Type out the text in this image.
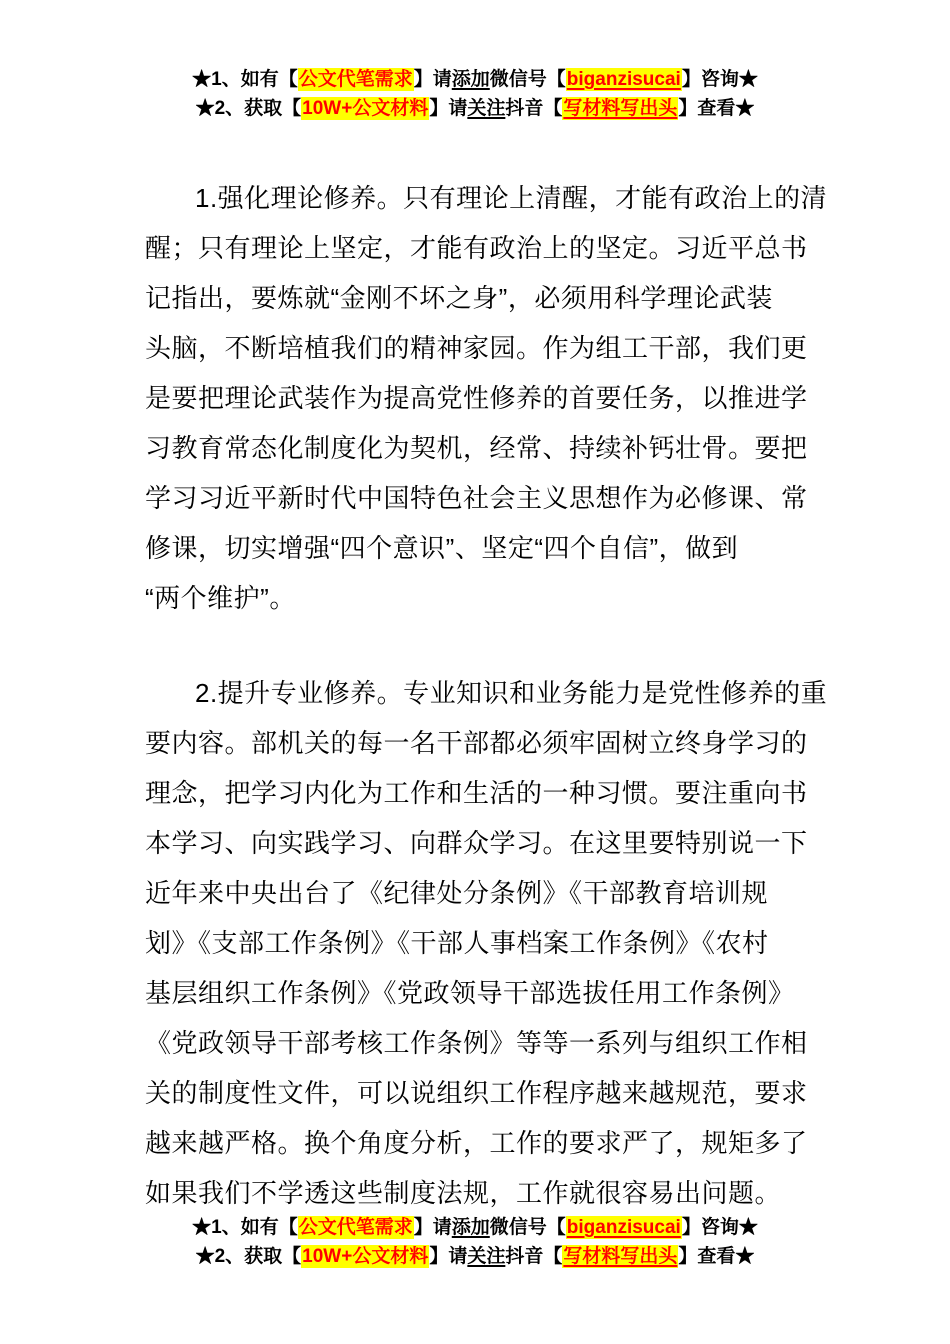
★1、如有【公文代笔需求】请添加微信号【biganzisucai】咨询★
★2、获取【10W+公文材料】请关注抖音【写材料写出头】查看★
1.强化理论修养。只有理论上清醒，才能有政治上的清
醒；只有理论上坚定，才能有政治上的坚定。习近平总书
记指出，要炼就“金刚不坏之身”，必须用科学理论武装
头脑，不断培植我们的精神家园。作为组工干部，我们更
是要把理论武装作为提高党性修养的首要任务，以推进学
习教育常态化制度化为契机，经常、持续补钙壮骨。要把
学习习近平新时代中国特色社会主义思想作为必修课、常
修课，切实增强“四个意识”、坚定“四个自信”，做到
“两个维护”。
2.提升专业修养。专业知识和业务能力是党性修养的重
要内容。部机关的每一名干部都必须牢固树立终身学习的
理念，把学习内化为工作和生活的一种习惯。要注重向书
本学习、向实践学习、向群众学习。在这里要特别说一下
近年来中央出台了《纪律处分条例》《干部教育培训规
划》《支部工作条例》《干部人事档案工作条例》《农村
基层组织工作条例》《党政领导干部选拔任用工作条例》
《党政领导干部考核工作条例》等等一系列与组织工作相
关的制度性文件，可以说组织工作程序越来越规范，要求
越来越严格。换个角度分析，工作的要求严了，规矩多了
如果我们不学透这些制度法规，工作就很容易出问题。
★1、如有【公文代笔需求】请添加微信号【biganzisucai】咨询★
★2、获取【10W+公文材料】请关注抖音【写材料写出头】查看★
